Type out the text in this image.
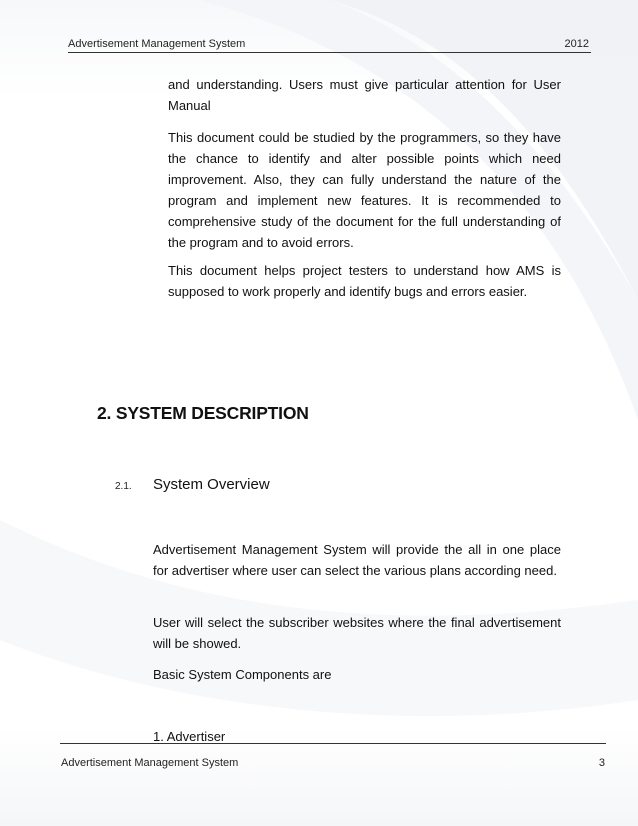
Advertisement Management System	2012
and understanding. Users must give particular attention for User Manual
This document could be studied by the programmers, so they have the chance to identify and alter possible points which need improvement. Also, they can fully understand the nature of the program and implement new features. It is recommended to comprehensive study of the document for the full understanding of the program and to avoid errors.
This document helps project testers to understand how AMS is supposed to work properly and identify bugs and errors easier.
2. SYSTEM DESCRIPTION
2.1. System Overview
Advertisement Management System will provide the all in one place for advertiser where user can select the various plans according need.
User will select the subscriber websites where the final advertisement will be showed.
Basic System Components are
1. Advertiser
Advertisement Management System	3
